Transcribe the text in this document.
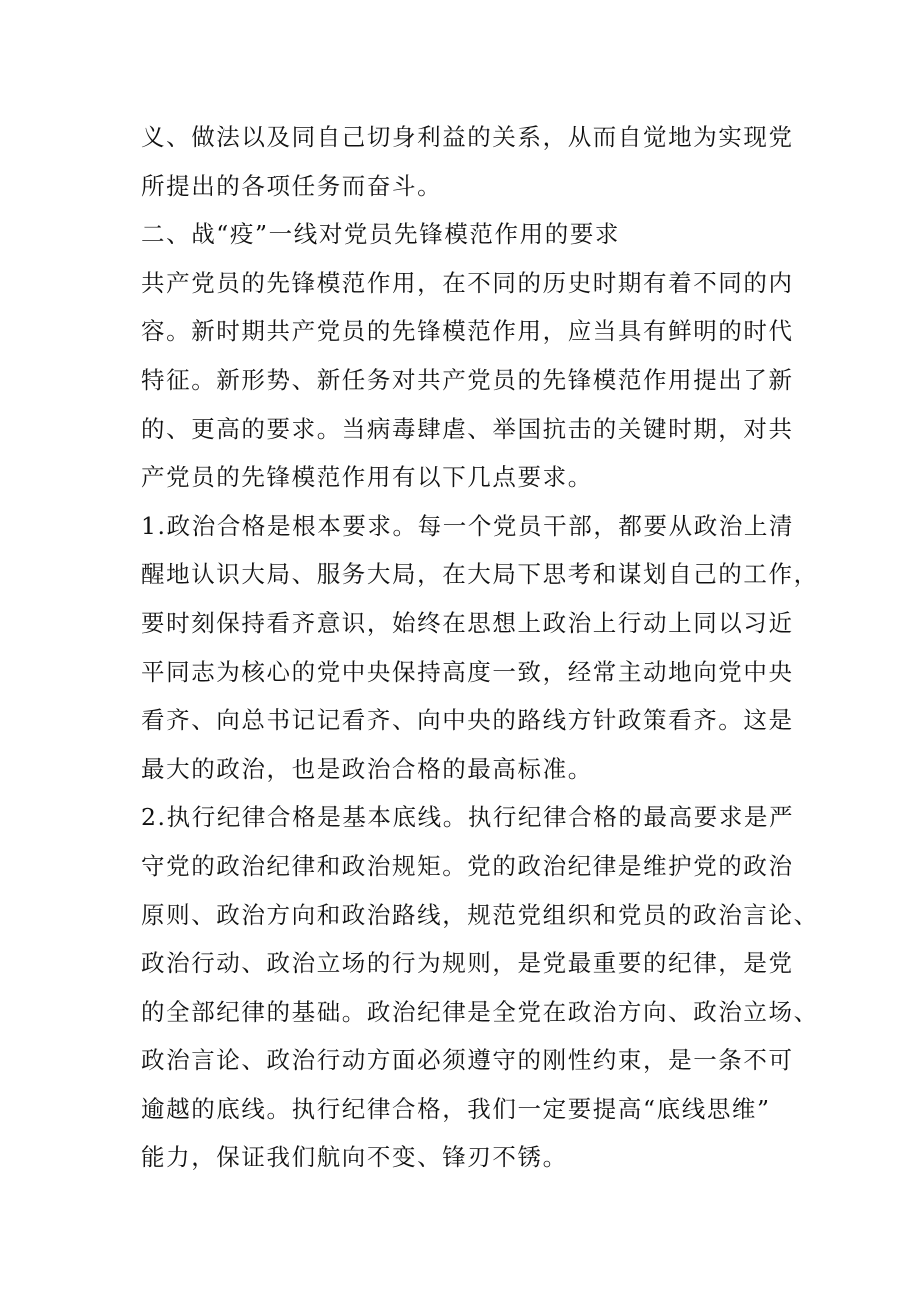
义、做法以及同自己切身利益的关系，从而自觉地为实现党
所提出的各项任务而奋斗。
二、战“疫”一线对党员先锋模范作用的要求
共产党员的先锋模范作用，在不同的历史时期有着不同的内
容。新时期共产党员的先锋模范作用，应当具有鲜明的时代
特征。新形势、新任务对共产党员的先锋模范作用提出了新
的、更高的要求。当病毒肆虐、举国抗击的关键时期，对共
产党员的先锋模范作用有以下几点要求。
1.政治合格是根本要求。每一个党员干部，都要从政治上清
醒地认识大局、服务大局，在大局下思考和谋划自己的工作，
要时刻保持看齐意识，始终在思想上政治上行动上同以习近
平同志为核心的党中央保持高度一致，经常主动地向党中央
看齐、向总书记记看齐、向中央的路线方针政策看齐。这是
最大的政治，也是政治合格的最高标准。
2.执行纪律合格是基本底线。执行纪律合格的最高要求是严
守党的政治纪律和政治规矩。党的政治纪律是维护党的政治
原则、政治方向和政治路线，规范党组织和党员的政治言论、
政治行动、政治立场的行为规则，是党最重要的纪律，是党
的全部纪律的基础。政治纪律是全党在政治方向、政治立场、
政治言论、政治行动方面必须遵守的刚性约束，是一条不可
逾越的底线。执行纪律合格，我们一定要提高“底线思维”
能力，保证我们航向不变、锋刃不锈。
